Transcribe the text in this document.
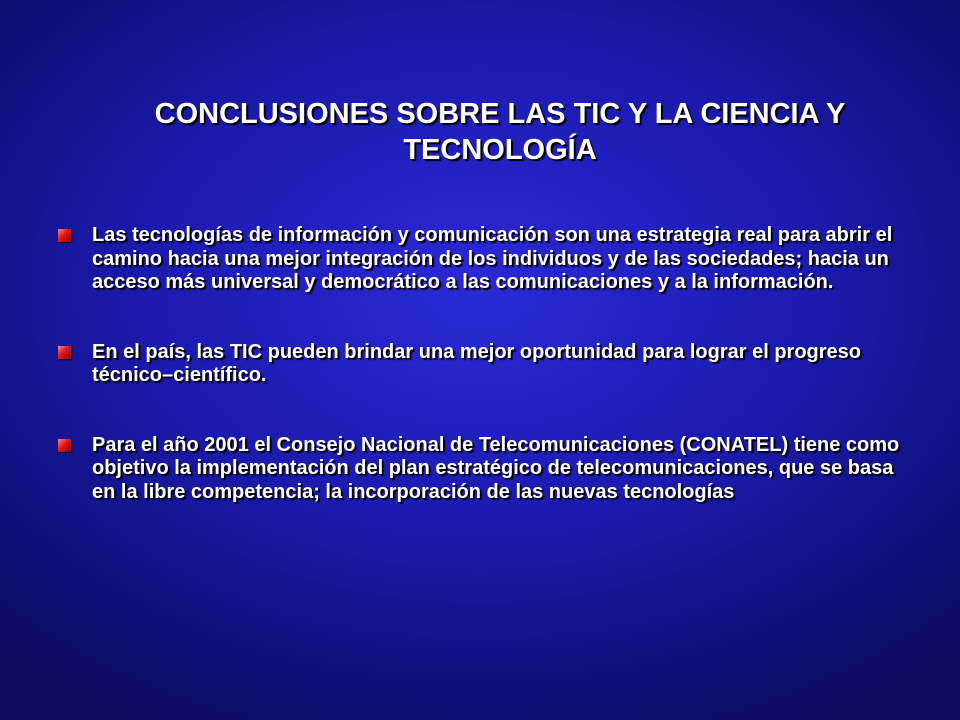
CONCLUSIONES SOBRE LAS TIC Y LA CIENCIA Y TECNOLOGÍA
Las tecnologías de información y comunicación son una estrategia real para abrir el camino hacia una mejor integración de los individuos y de las sociedades; hacia un acceso más universal y democrático a las comunicaciones y a la información.
En el país, las TIC pueden brindar una mejor oportunidad para lograr el progreso técnico–científico.
Para el año 2001 el Consejo Nacional de Telecomunicaciones (CONATEL) tiene como objetivo la implementación del plan estratégico de telecomunicaciones, que se basa en la libre competencia; la incorporación de las nuevas tecnologías
